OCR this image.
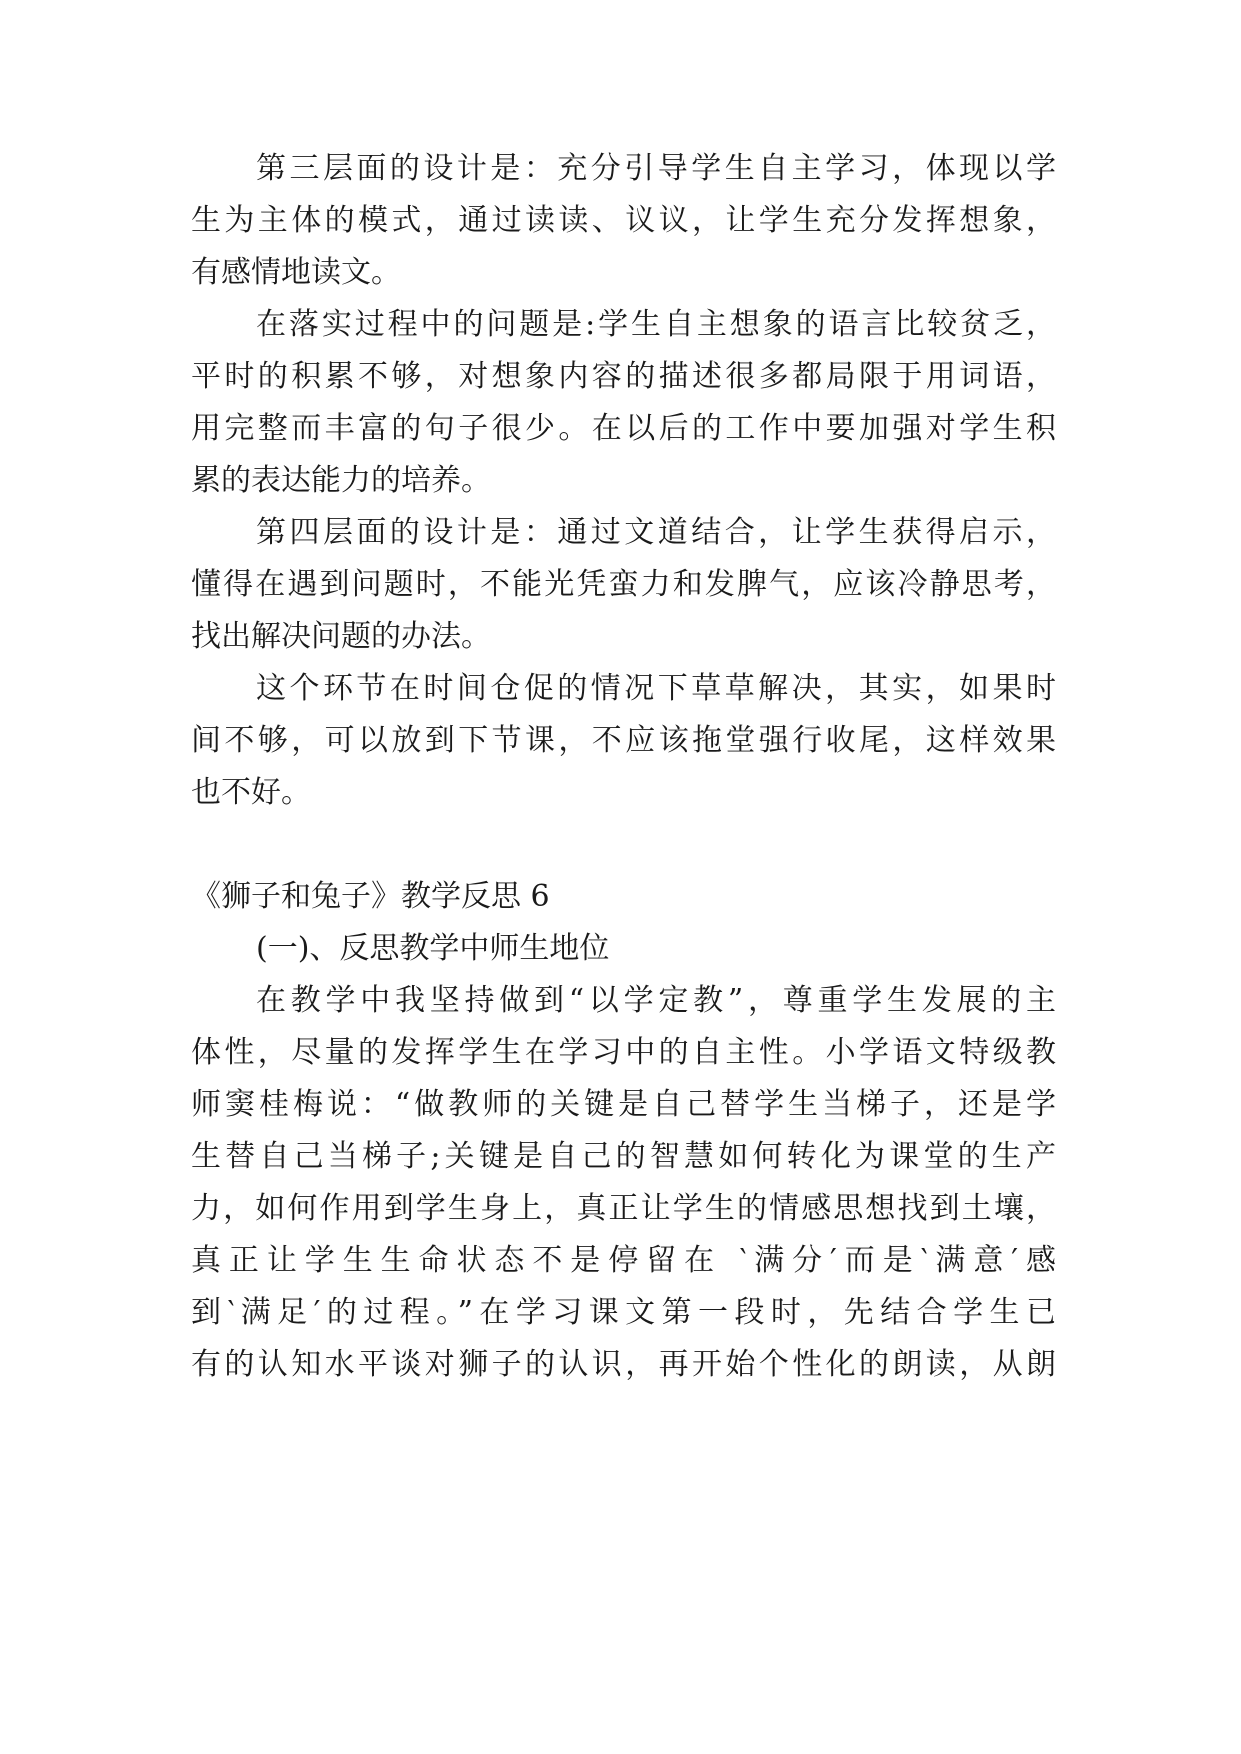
第三层面的设计是：充分引导学生自主学习，体现以学
生为主体的模式，通过读读、议议，让学生充分发挥想象，
有感情地读文。
在落实过程中的问题是:学生自主想象的语言比较贫乏，
平时的积累不够，对想象内容的描述很多都局限于用词语，
用完整而丰富的句子很少。在以后的工作中要加强对学生积
累的表达能力的培养。
第四层面的设计是：通过文道结合，让学生获得启示，
懂得在遇到问题时，不能光凭蛮力和发脾气，应该冷静思考，
找出解决问题的办法。
这个环节在时间仓促的情况下草草解决，其实，如果时
间不够，可以放到下节课，不应该拖堂强行收尾，这样效果
也不好。
《狮子和兔子》教学反思 6
(一)、反思教学中师生地位
在教学中我坚持做到“以学定教”，尊重学生发展的主
体性，尽量的发挥学生在学习中的自主性。小学语文特级教
师窦桂梅说：“做教师的关键是自己替学生当梯子，还是学
生替自己当梯子;关键是自己的智慧如何转化为课堂的生产
力，如何作用到学生身上，真正让学生的情感思想找到土壤，
真正让学生生命状态不是停留在 ‵满分′而是‵满意′感
到‵满足′的过程。”在学习课文第一段时，先结合学生已
有的认知水平谈对狮子的认识，再开始个性化的朗读，从朗
